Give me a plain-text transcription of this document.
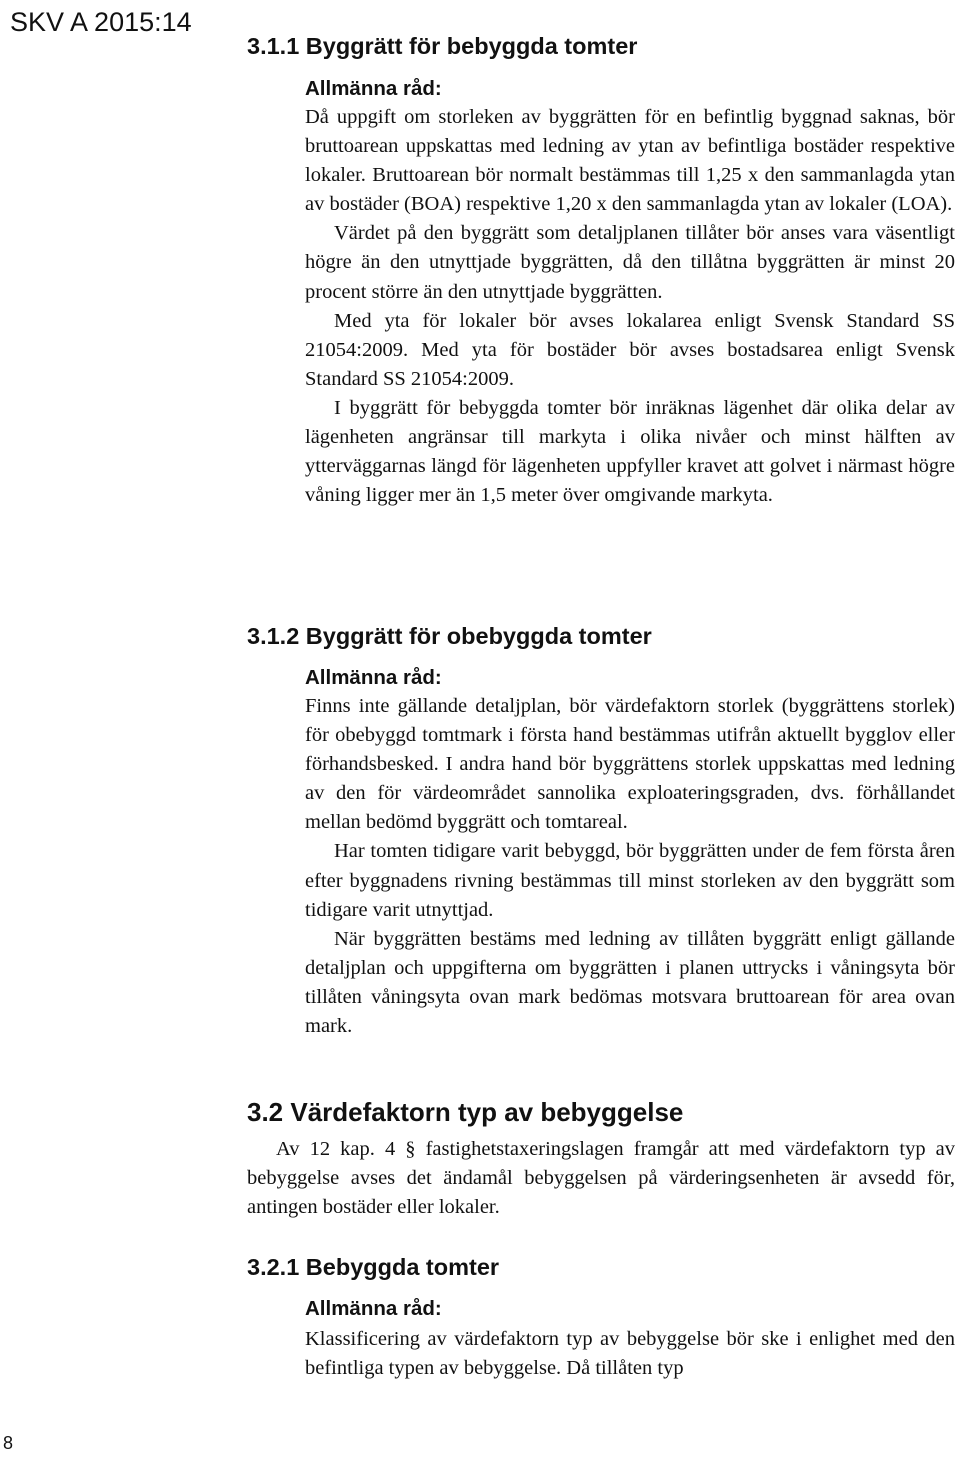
SKV A 2015:14
3.1.1 Byggrätt för bebyggda tomter
Allmänna råd:

Då uppgift om storleken av byggrätten för en befintlig byggnad saknas, bör bruttoarean uppskattas med ledning av ytan av befintliga bostäder respektive lokaler. Bruttoarean bör normalt bestämmas till 1,25 x den sammanlagda ytan av bostäder (BOA) respektive 1,20 x den sammanlagda ytan av lokaler (LOA).

Värdet på den byggrätt som detaljplanen tillåter bör anses vara väsentligt högre än den utnyttjade byggrätten, då den tillåtna byggrätten är minst 20 procent större än den utnyttjade byggrätten.

Med yta för lokaler bör avses lokalarea enligt Svensk Standard SS 21054:2009. Med yta för bostäder bör avses bostadsarea enligt Svensk Standard SS 21054:2009.

I byggrätt för bebyggda tomter bör inräknas lägenhet där olika delar av lägenheten angränsar till markyta i olika nivåer och minst hälften av ytterväggarnas längd för lägenheten uppfyller kravet att golvet i närmast högre våning ligger mer än 1,5 meter över omgivande markyta.

3.1.2 Byggrätt för obebyggda tomter
Allmänna råd:

Finns inte gällande detaljplan, bör värdefaktorn storlek (byggrättens storlek) för obebyggd tomtmark i första hand bestämmas utifrån aktuellt bygglov eller förhandsbesked. I andra hand bör byggrättens storlek uppskattas med ledning av den för värdeområdet sannolika exploateringsgraden, dvs. förhållandet mellan bedömd byggrätt och tomtareal.

Har tomten tidigare varit bebyggd, bör byggrätten under de fem första åren efter byggnadens rivning bestämmas till minst storleken av den byggrätt som tidigare varit utnyttjad.

När byggrätten bestäms med ledning av tillåten byggrätt enligt gällande detaljplan och uppgifterna om byggrätten i planen uttrycks i våningsyta bör tillåten våningsyta ovan mark bedömas motsvara bruttoarean för area ovan mark.

3.2 Värdefaktorn typ av bebyggelse

Av 12 kap. 4 § fastighetstaxeringslagen framgår att med värdefaktorn typ av bebyggelse avses det ändamål bebyggelsen på värderingsenheten är avsedd för, antingen bostäder eller lokaler.

3.2.1 Bebyggda tomter
Allmänna råd:

Klassificering av värdefaktorn typ av bebyggelse bör ske i enlighet med den befintliga typen av bebyggelse. Då tillåten typ

8
